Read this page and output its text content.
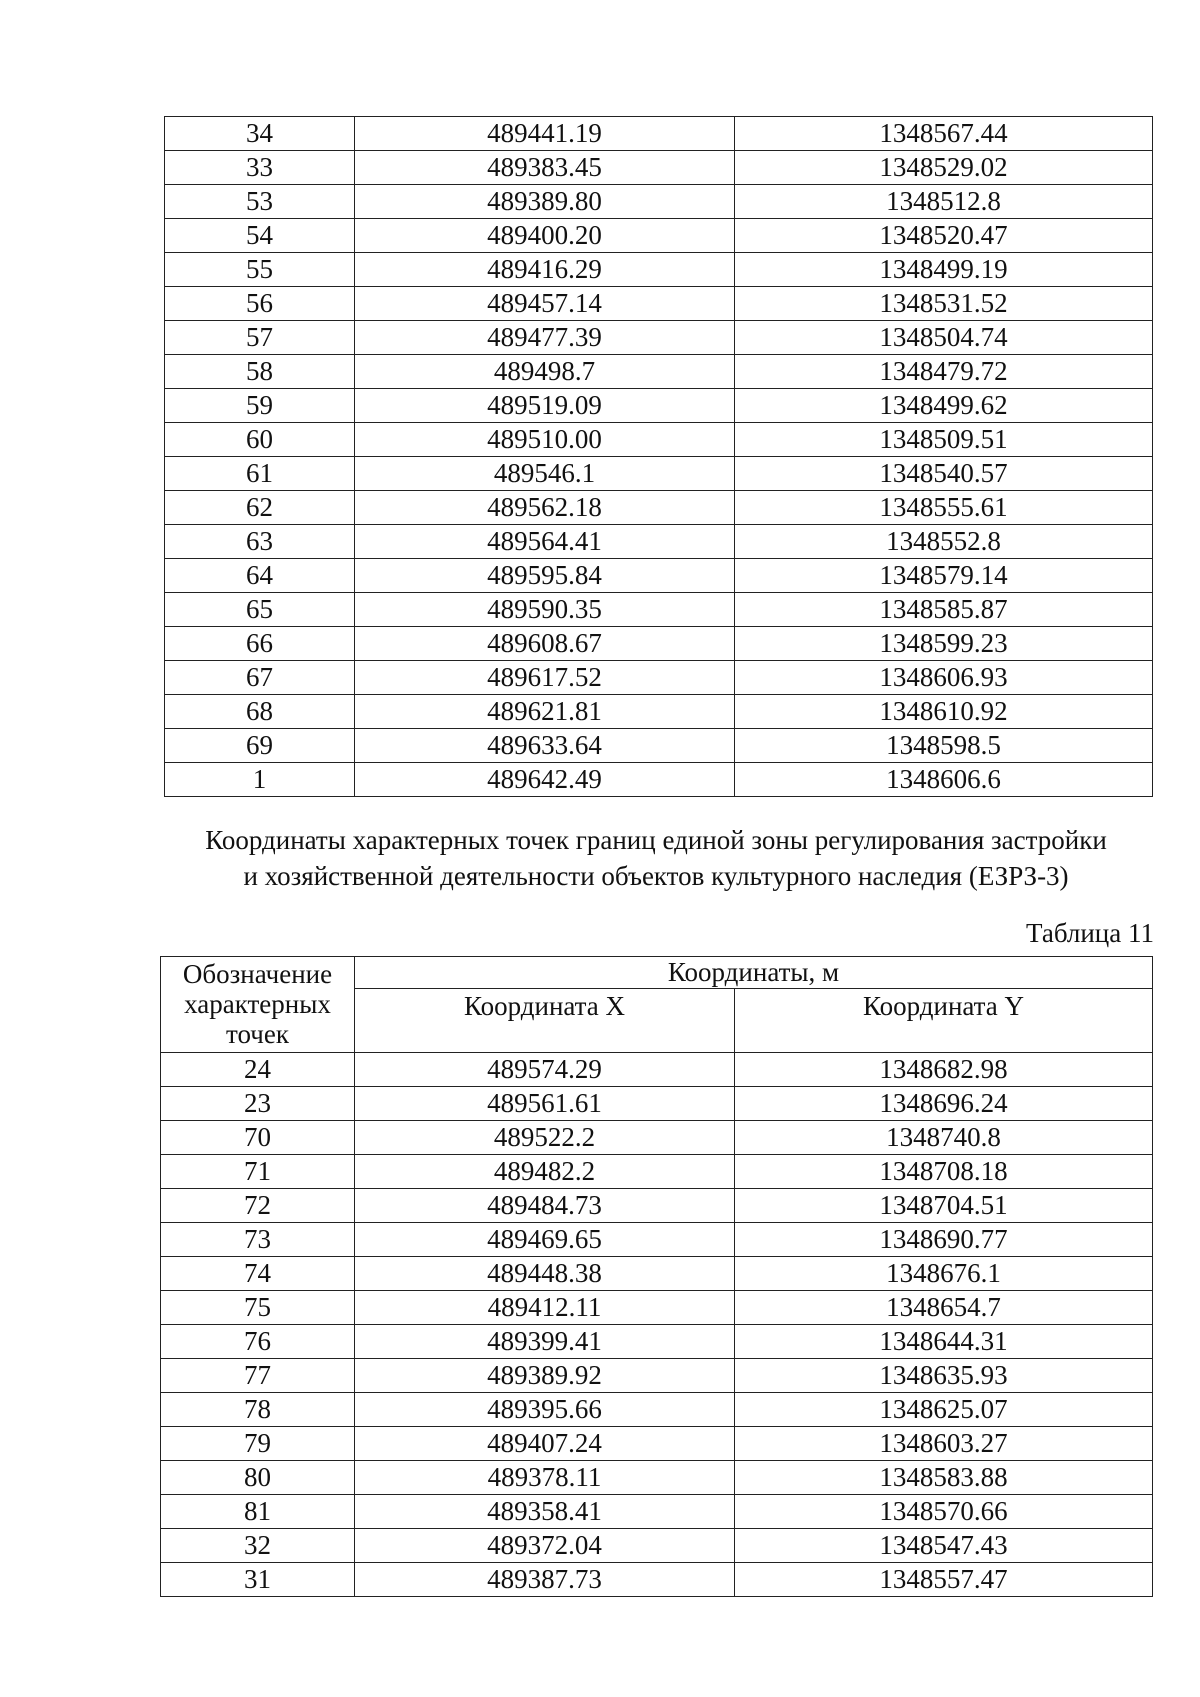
34	489441.19	1348567.44
33	489383.45	1348529.02
53	489389.80	1348512.8
54	489400.20	1348520.47
55	489416.29	1348499.19
56	489457.14	1348531.52
57	489477.39	1348504.74
58	489498.7	1348479.72
59	489519.09	1348499.62
60	489510.00	1348509.51
61	489546.1	1348540.57
62	489562.18	1348555.61
63	489564.41	1348552.8
64	489595.84	1348579.14
65	489590.35	1348585.87
66	489608.67	1348599.23
67	489617.52	1348606.93
68	489621.81	1348610.92
69	489633.64	1348598.5
1	489642.49	1348606.6
Координаты характерных точек границ единой зоны регулирования застройки
и хозяйственной деятельности объектов культурного наследия (ЕЗРЗ-3)
Таблица 11
Обозначение характерных точек	Координаты, м	
	Координата X	Координата Y
24	489574.29	1348682.98
23	489561.61	1348696.24
70	489522.2	1348740.8
71	489482.2	1348708.18
72	489484.73	1348704.51
73	489469.65	1348690.77
74	489448.38	1348676.1
75	489412.11	1348654.7
76	489399.41	1348644.31
77	489389.92	1348635.93
78	489395.66	1348625.07
79	489407.24	1348603.27
80	489378.11	1348583.88
81	489358.41	1348570.66
32	489372.04	1348547.43
31	489387.73	1348557.47
